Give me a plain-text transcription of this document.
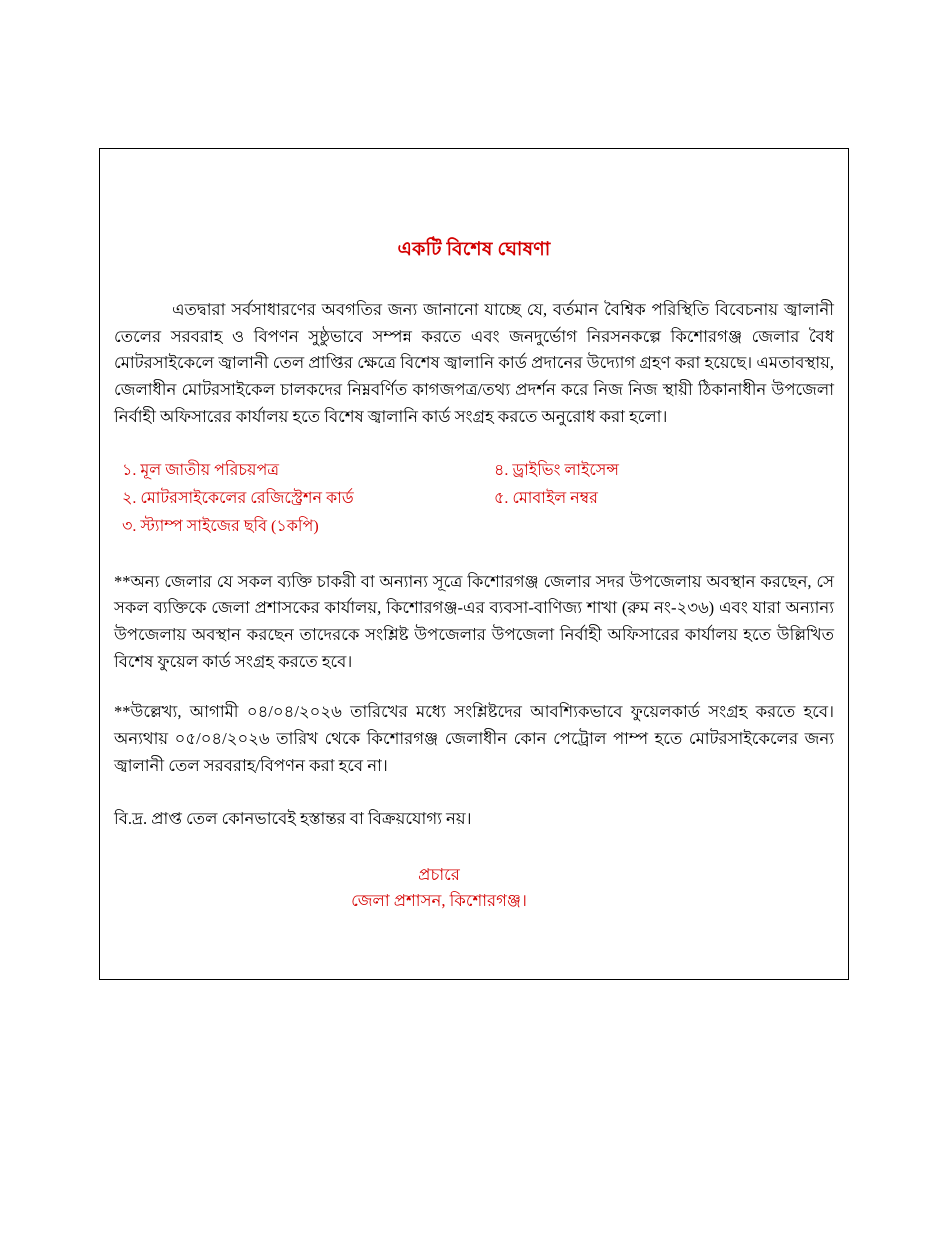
একটি বিশেষ ঘোষণা

এতদ্বারা সর্বসাধারণের অবগতির জন্য জানানো যাচ্ছে যে, বর্তমান বৈশ্বিক পরিস্থিতি বিবেচনায় জ্বালানী তেলের সরবরাহ ও বিপণন সুষ্ঠুভাবে সম্পন্ন করতে এবং জনদুর্ভোগ নিরসনকল্পে কিশোরগঞ্জ জেলার বৈধ মোটরসাইকেলে জ্বালানী তেল প্রাপ্তির ক্ষেত্রে বিশেষ জ্বালানি কার্ড প্রদানের উদ্যোগ গ্রহণ করা হয়েছে। এমতাবস্থায়, জেলাধীন মোটরসাইকেল চালকদের নিম্নবর্ণিত কাগজপত্র/তথ্য প্রদর্শন করে নিজ নিজ স্থায়ী ঠিকানাধীন উপজেলা নির্বাহী অফিসারের কার্যালয় হতে বিশেষ জ্বালানি কার্ড সংগ্রহ করতে অনুরোধ করা হলো।

১. মূল জাতীয় পরিচয়পত্র
২. মোটরসাইকেলের রেজিস্ট্রেশন কার্ড
৩. স্ট্যাম্প সাইজের ছবি (১কপি)
৪. ড্রাইভিং লাইসেন্স
৫. মোবাইল নম্বর

**অন্য জেলার যে সকল ব্যক্তি চাকরী বা অন্যান্য সূত্রে কিশোরগঞ্জ জেলার সদর উপজেলায় অবস্থান করছেন, সে সকল ব্যক্তিকে জেলা প্রশাসকের কার্যালয়, কিশোরগঞ্জ-এর ব্যবসা-বাণিজ্য শাখা (রুম নং-২৩৬) এবং যারা অন্যান্য উপজেলায় অবস্থান করছেন তাদেরকে সংশ্লিষ্ট উপজেলার উপজেলা নির্বাহী অফিসারের কার্যালয় হতে উল্লিখিত বিশেষ ফুয়েল কার্ড সংগ্রহ করতে হবে।

**উল্লেখ্য, আগামী ০৪/০৪/২০২৬ তারিখের মধ্যে সংশ্লিষ্টদের আবশ্যিকভাবে ফুয়েলকার্ড সংগ্রহ করতে হবে। অন্যথায় ০৫/০৪/২০২৬ তারিখ থেকে কিশোরগঞ্জ জেলাধীন কোন পেট্রোল পাম্প হতে মোটরসাইকেলের জন্য জ্বালানী তেল সরবরাহ/বিপণন করা হবে না।

বি.দ্র. প্রাপ্ত তেল কোনভাবেই হস্তান্তর বা বিক্রয়যোগ্য নয়।

প্রচারে
জেলা প্রশাসন, কিশোরগঞ্জ।
